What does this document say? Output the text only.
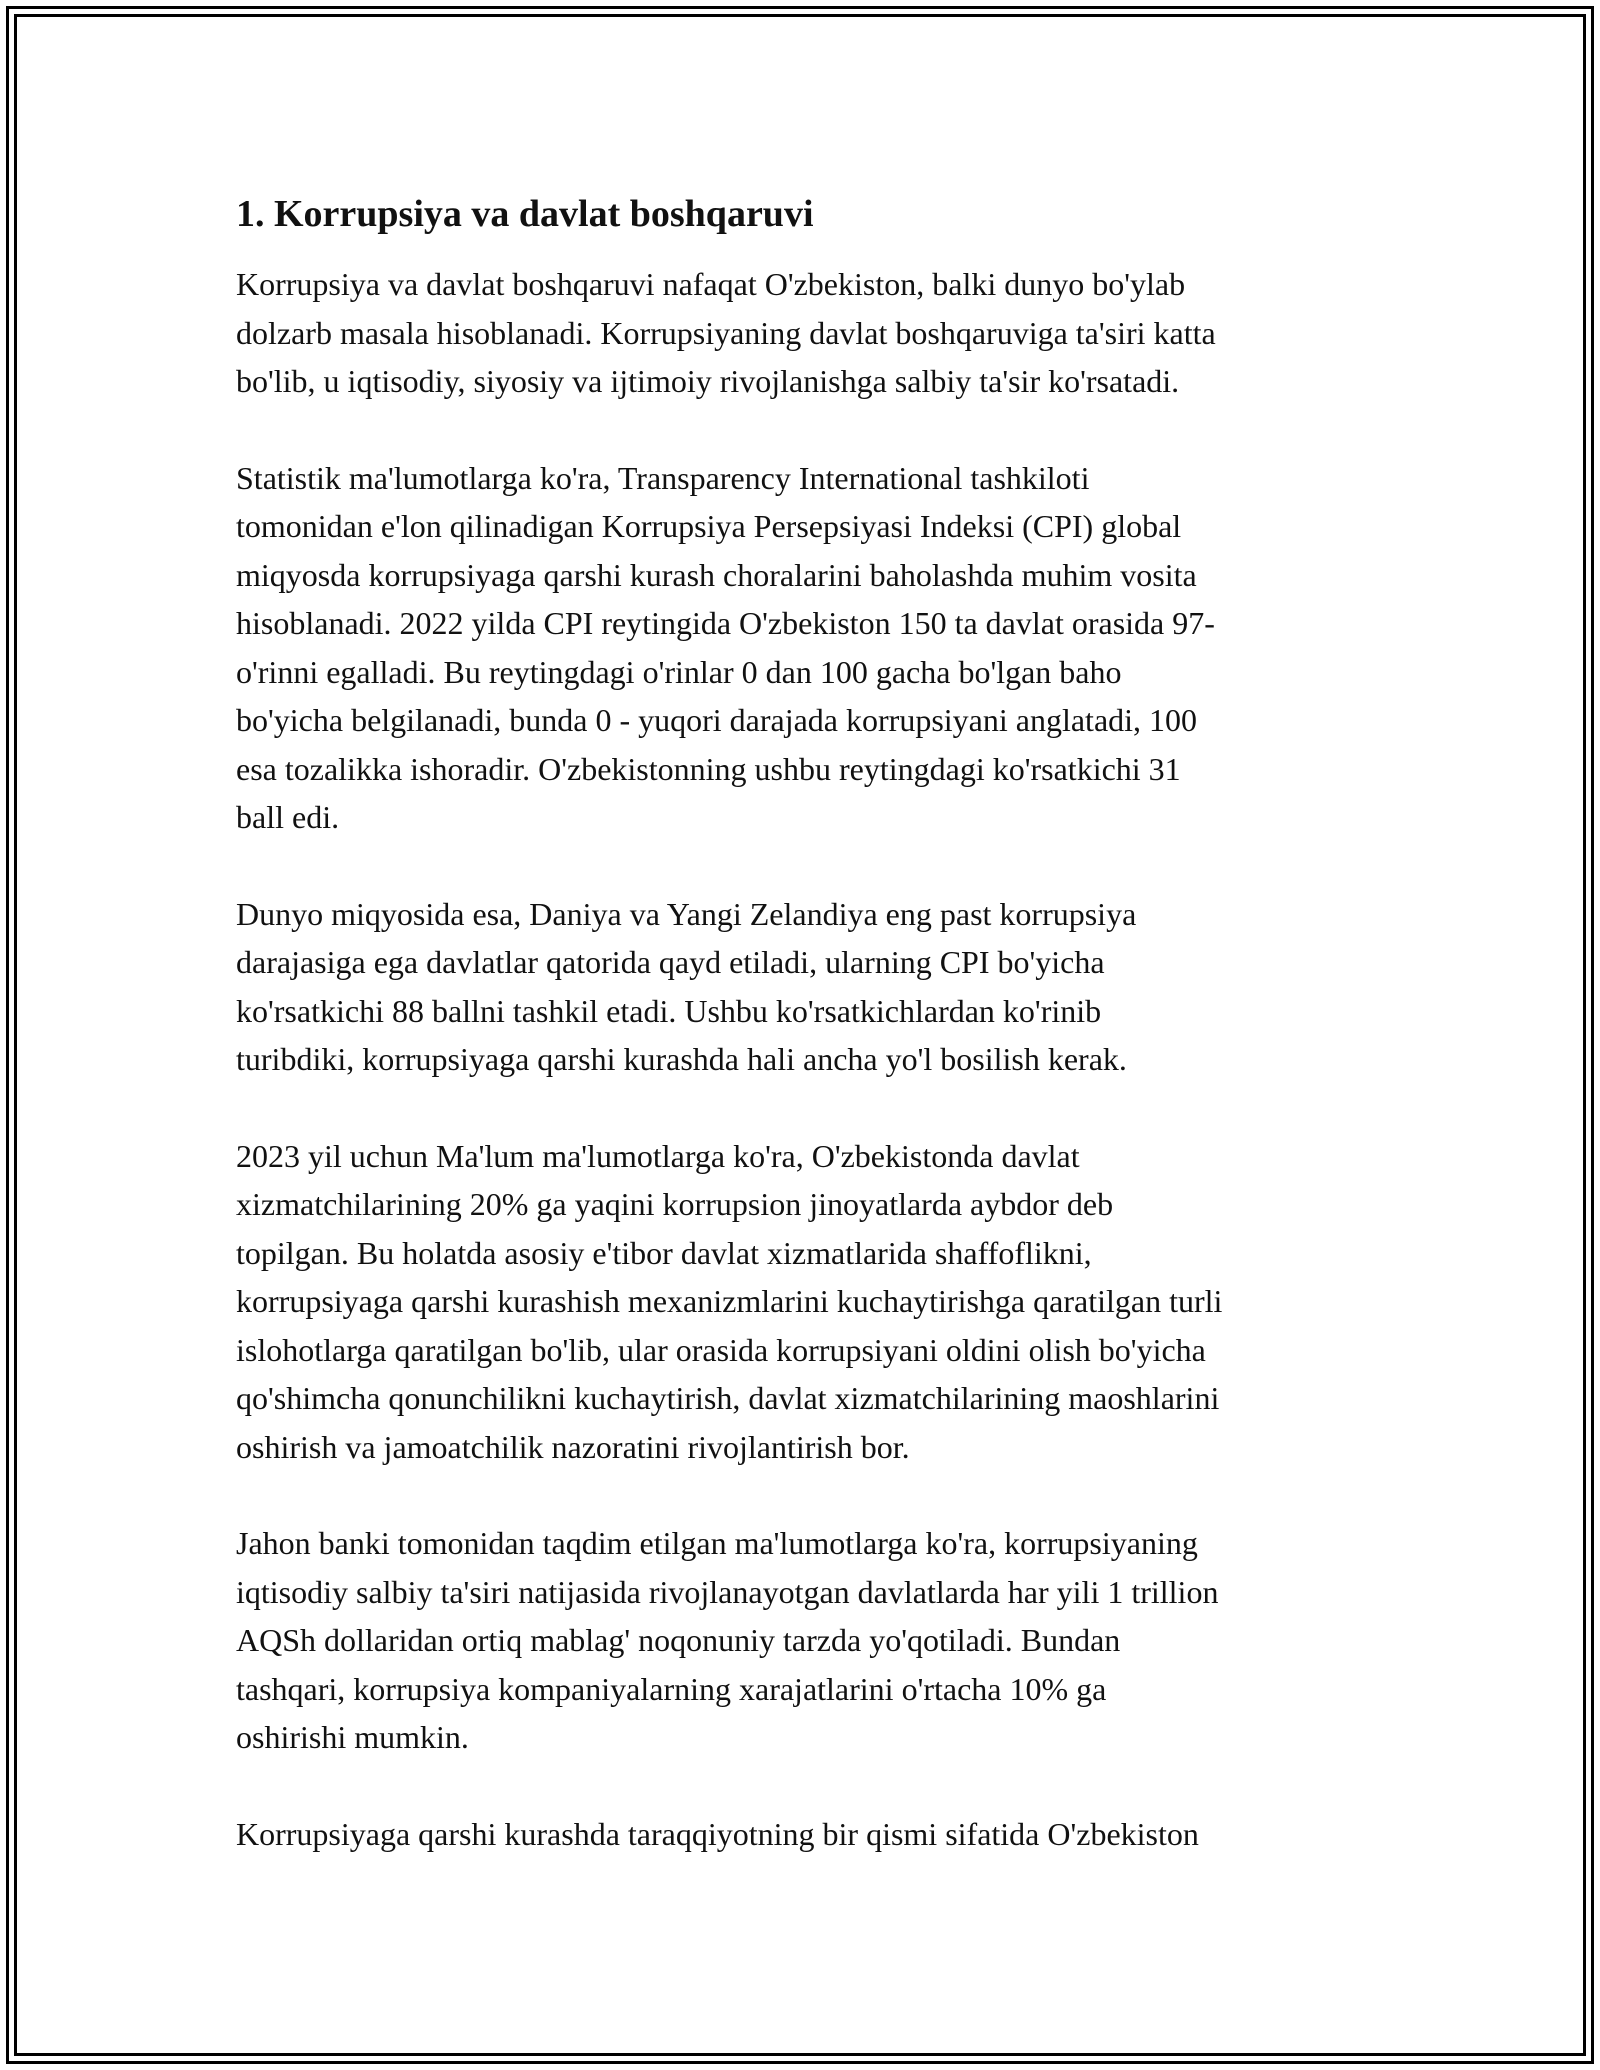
1. Korrupsiya va davlat boshqaruvi

Korrupsiya va davlat boshqaruvi nafaqat O'zbekiston, balki dunyo bo'ylab
dolzarb masala hisoblanadi. Korrupsiyaning davlat boshqaruviga ta'siri katta
bo'lib, u iqtisodiy, siyosiy va ijtimoiy rivojlanishga salbiy ta'sir ko'rsatadi.

Statistik ma'lumotlarga ko'ra, Transparency International tashkiloti
tomonidan e'lon qilinadigan Korrupsiya Persepsiyasi Indeksi (CPI) global
miqyosda korrupsiyaga qarshi kurash choralarini baholashda muhim vosita
hisoblanadi. 2022 yilda CPI reytingida O'zbekiston 150 ta davlat orasida 97-
o'rinni egalladi. Bu reytingdagi o'rinlar 0 dan 100 gacha bo'lgan baho
bo'yicha belgilanadi, bunda 0 - yuqori darajada korrupsiyani anglatadi, 100
esa tozalikka ishoradir. O'zbekistonning ushbu reytingdagi ko'rsatkichi 31
ball edi.

Dunyo miqyosida esa, Daniya va Yangi Zelandiya eng past korrupsiya
darajasiga ega davlatlar qatorida qayd etiladi, ularning CPI bo'yicha
ko'rsatkichi 88 ballni tashkil etadi. Ushbu ko'rsatkichlardan ko'rinib
turibdiki, korrupsiyaga qarshi kurashda hali ancha yo'l bosilish kerak.

2023 yil uchun Ma'lum ma'lumotlarga ko'ra, O'zbekistonda davlat
xizmatchilarining 20% ga yaqini korrupsion jinoyatlarda aybdor deb
topilgan. Bu holatda asosiy e'tibor davlat xizmatlarida shaffoflikni,
korrupsiyaga qarshi kurashish mexanizmlarini kuchaytirishga qaratilgan turli
islohotlarga qaratilgan bo'lib, ular orasida korrupsiyani oldini olish bo'yicha
qo'shimcha qonunchilikni kuchaytirish, davlat xizmatchilarining maoshlarini
oshirish va jamoatchilik nazoratini rivojlantirish bor.

Jahon banki tomonidan taqdim etilgan ma'lumotlarga ko'ra, korrupsiyaning
iqtisodiy salbiy ta'siri natijasida rivojlanayotgan davlatlarda har yili 1 trillion
AQSh dollaridan ortiq mablag' noqonuniy tarzda yo'qotiladi. Bundan
tashqari, korrupsiya kompaniyalarning xarajatlarini o'rtacha 10% ga
oshirishi mumkin.

Korrupsiyaga qarshi kurashda taraqqiyotning bir qismi sifatida O'zbekiston
